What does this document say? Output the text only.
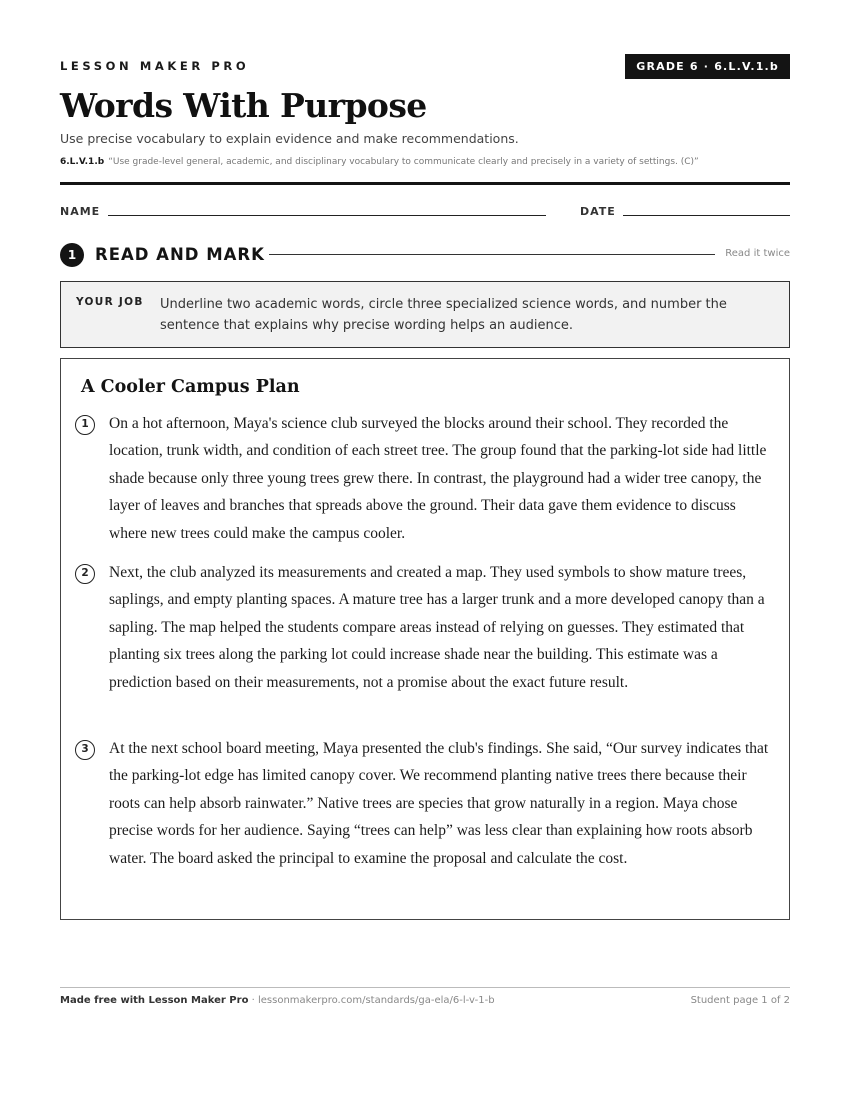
LESSON MAKER PRO	GRADE 6 · 6.L.V.1.b
Words With Purpose
Use precise vocabulary to explain evidence and make recommendations.
6.L.V.1.b “Use grade-level general, academic, and disciplinary vocabulary to communicate clearly and precisely in a variety of settings. (C)”
NAME	DATE
1	READ AND MARK	Read it twice
YOUR JOB Underline two academic words, circle three specialized science words, and number the sentence that explains why precise wording helps an audience.
A Cooler Campus Plan
1	On a hot afternoon, Maya's science club surveyed the blocks around their school. They recorded the location, trunk width, and condition of each street tree. The group found that the parking-lot side had little shade because only three young trees grew there. In contrast, the playground had a wider tree canopy, the layer of leaves and branches that spreads above the ground. Their data gave them evidence to discuss where new trees could make the campus cooler.
2	Next, the club analyzed its measurements and created a map. They used symbols to show mature trees, saplings, and empty planting spaces. A mature tree has a larger trunk and a more developed canopy than a sapling. The map helped the students compare areas instead of relying on guesses. They estimated that planting six trees along the parking lot could increase shade near the building. This estimate was a prediction based on their measurements, not a promise about the exact future result.
3	At the next school board meeting, Maya presented the club's findings. She said, “Our survey indicates that the parking-lot edge has limited canopy cover. We recommend planting native trees there because their roots can help absorb rainwater.” Native trees are species that grow naturally in a region. Maya chose precise words for her audience. Saying “trees can help” was less clear than explaining how roots absorb water. The board asked the principal to examine the proposal and calculate the cost.
Made free with Lesson Maker Pro · lessonmakerpro.com/standards/ga-ela/6-l-v-1-b	Student page 1 of 2
